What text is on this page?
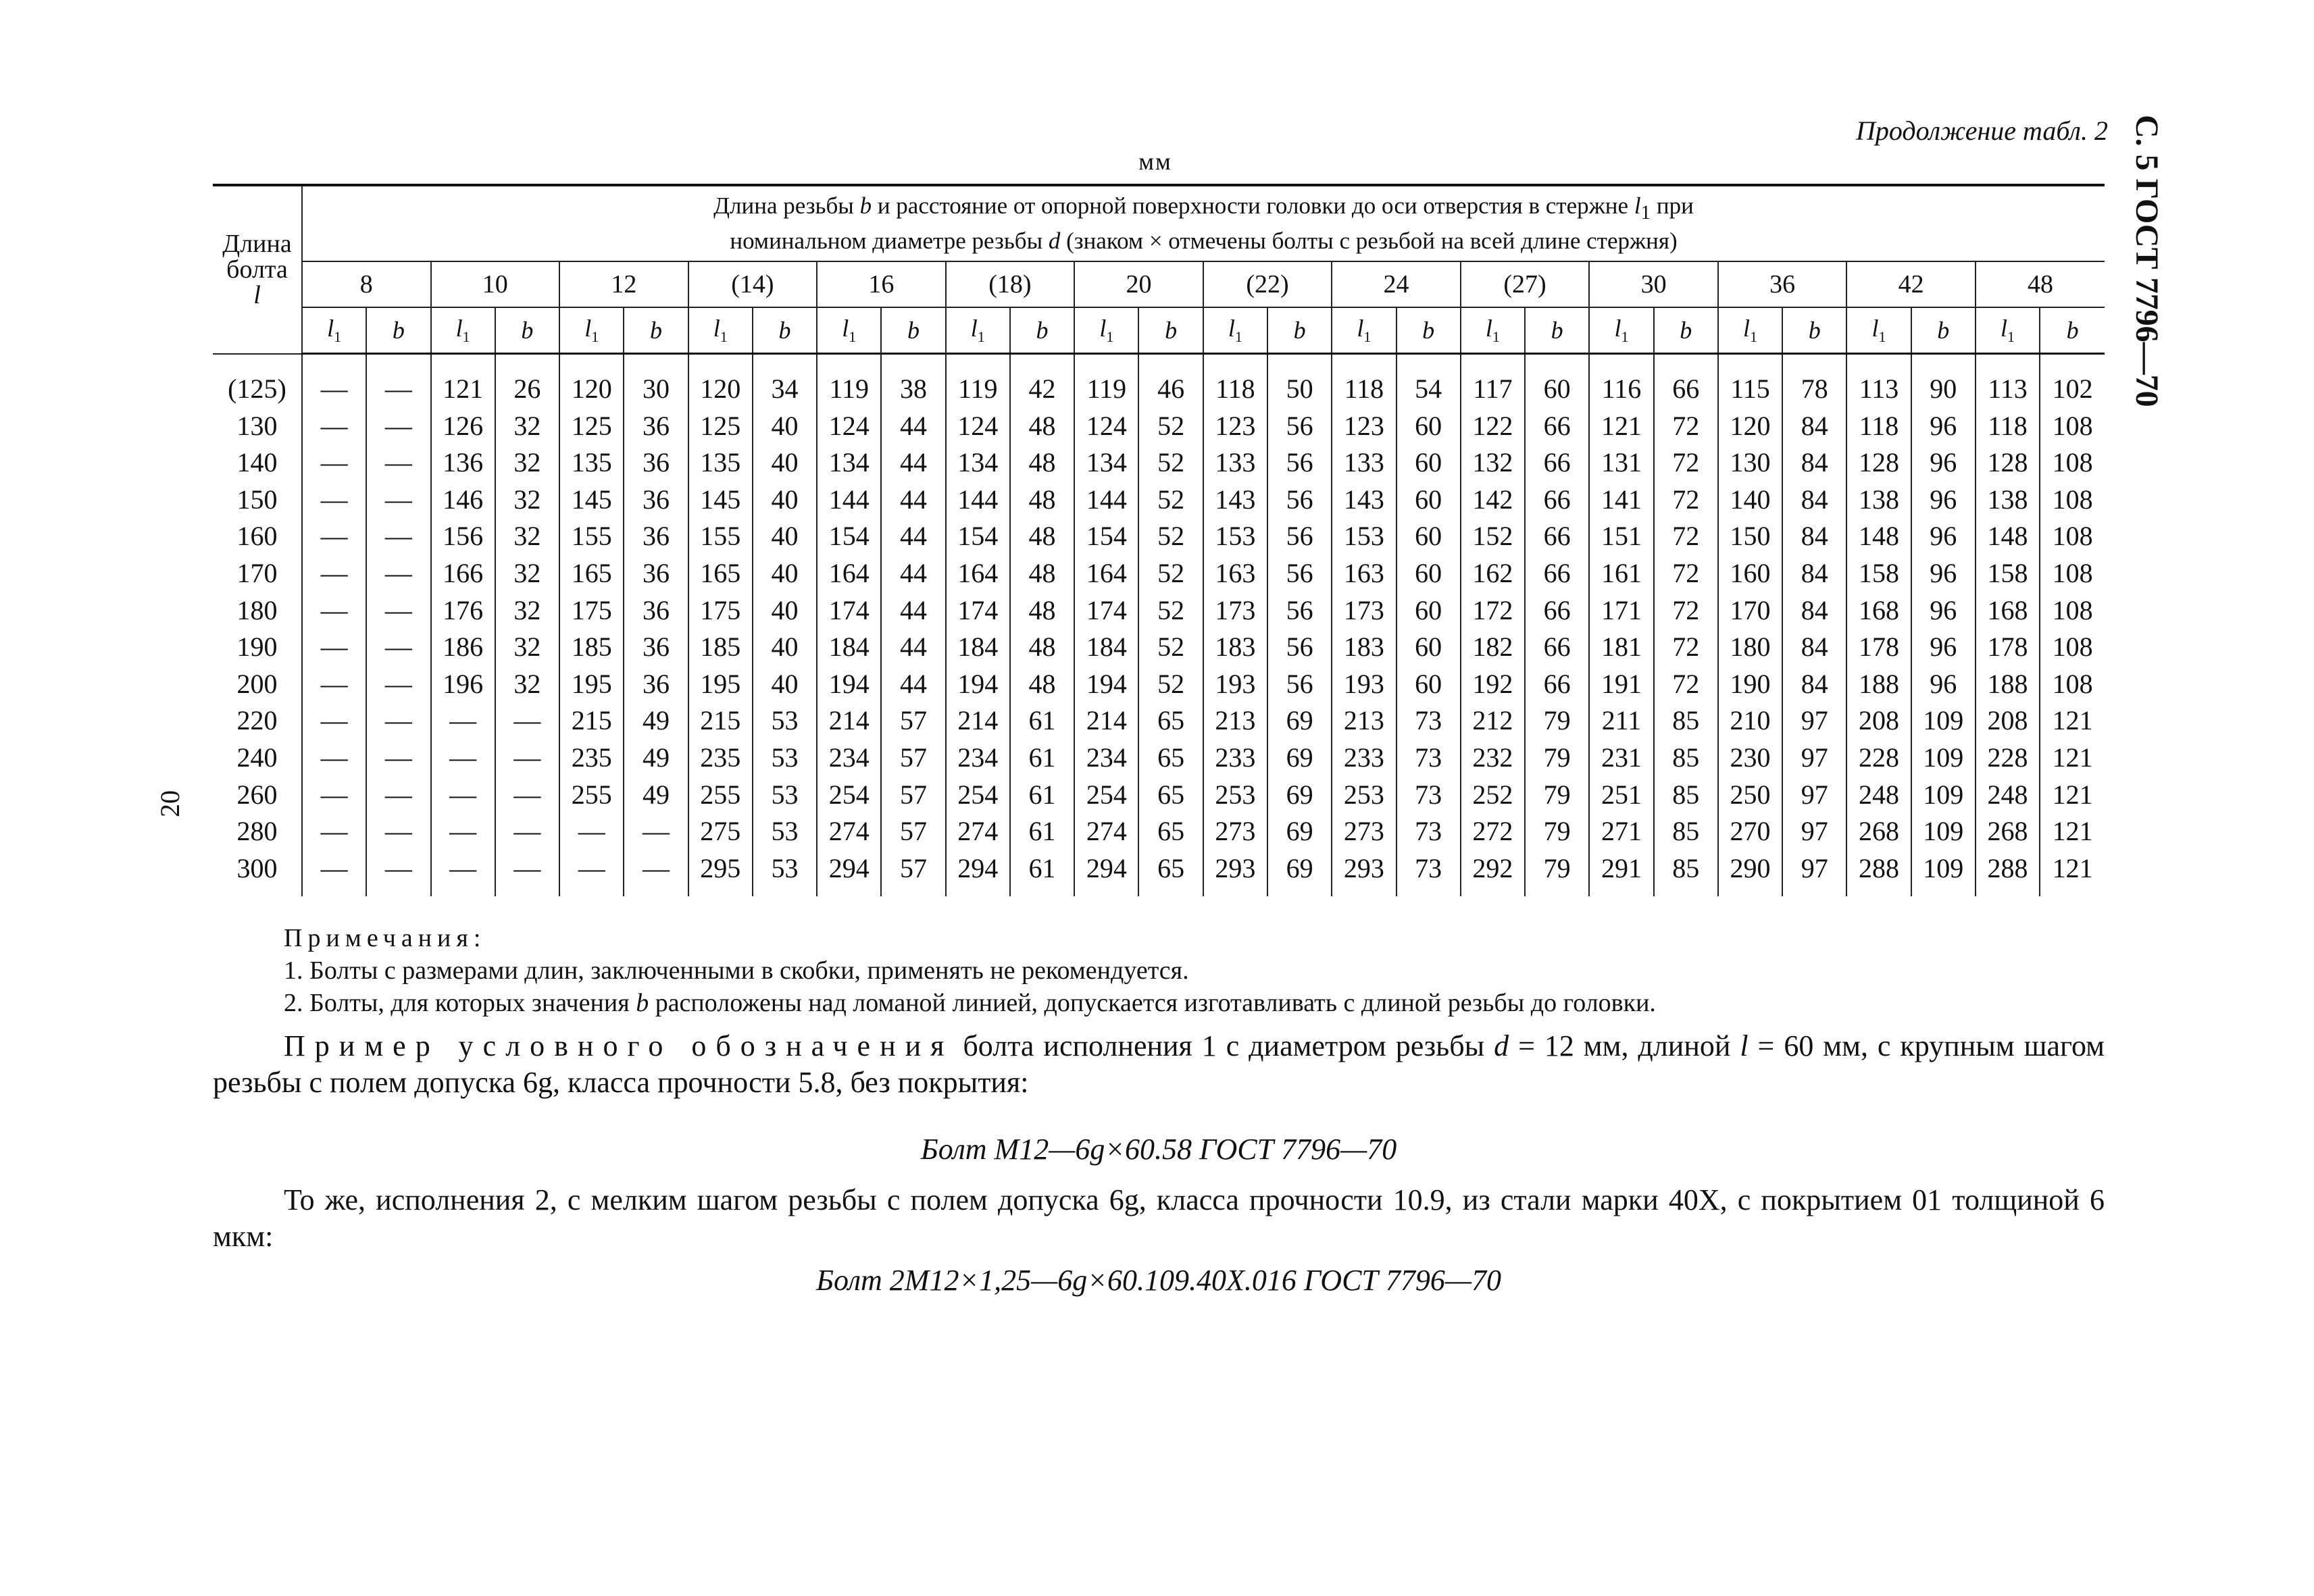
Продолжение табл. 2
мм	С. 5 ГОСТ 7796—70
20
Длина
болта
l	Длина резьбы b и расстояние от опорной поверхности головки до оси отверстия в стержне $l_1$ при
номинальном диаметре резьбы d (знаком × отмечены болты с резьбой на всей длине стержня)																											
	8		10		12		(14)		16		(18)		20		(22)		24		(27)		30		36		42		48	
	$l_1$	b	$l_1$	b	$l_1$	b	$l_1$	b	$l_1$	b	$l_1$	b	$l_1$	b	$l_1$	b	$l_1$	b	$l_1$	b	$l_1$	b	$l_1$	b	$l_1$	b	$l_1$	b
(125)	—	—	121	26	120	30	120	34	119	38	119	42	119	46	118	50	118	54	117	60	116	66	115	78	113	90	113	102
130	—	—	126	32	125	36	125	40	124	44	124	48	124	52	123	56	123	60	122	66	121	72	120	84	118	96	118	108
140	—	—	136	32	135	36	135	40	134	44	134	48	134	52	133	56	133	60	132	66	131	72	130	84	128	96	128	108
150	—	—	146	32	145	36	145	40	144	44	144	48	144	52	143	56	143	60	142	66	141	72	140	84	138	96	138	108
160	—	—	156	32	155	36	155	40	154	44	154	48	154	52	153	56	153	60	152	66	151	72	150	84	148	96	148	108
170	—	—	166	32	165	36	165	40	164	44	164	48	164	52	163	56	163	60	162	66	161	72	160	84	158	96	158	108
180	—	—	176	32	175	36	175	40	174	44	174	48	174	52	173	56	173	60	172	66	171	72	170	84	168	96	168	108
190	—	—	186	32	185	36	185	40	184	44	184	48	184	52	183	56	183	60	182	66	181	72	180	84	178	96	178	108
200	—	—	196	32	195	36	195	40	194	44	194	48	194	52	193	56	193	60	192	66	191	72	190	84	188	96	188	108
220	—	—	—	—	215	49	215	53	214	57	214	61	214	65	213	69	213	73	212	79	211	85	210	97	208	109	208	121
240	—	—	—	—	235	49	235	53	234	57	234	61	234	65	233	69	233	73	232	79	231	85	230	97	228	109	228	121
260	—	—	—	—	255	49	255	53	254	57	254	61	254	65	253	69	253	73	252	79	251	85	250	97	248	109	248	121
280	—	—	—	—	—	—	275	53	274	57	274	61	274	65	273	69	273	73	272	79	271	85	270	97	268	109	268	121
300	—	—	—	—	—	—	295	53	294	57	294	61	294	65	293	69	293	73	292	79	291	85	290	97	288	109	288	121
Примечания:
1. Болты с размерами длин, заключенными в скобки, применять не рекомендуется.
2. Болты, для которых значения b расположены над ломаной линией, допускается изготавливать с длиной резьбы до головки.
Пример условного обозначения болта исполнения 1 с диаметром резьбы d = 12 мм, длиной l = 60 мм, с крупным шагом резьбы с полем допуска 6g, класса прочности 5.8, без покрытия:
Болт М12—6g×60.58 ГОСТ 7796—70
То же, исполнения 2, с мелким шагом резьбы с полем допуска 6g, класса прочности 10.9, из стали марки 40Х, с покрытием 01 толщиной 6 мкм:
Болт 2М12×1,25—6g×60.109.40Х.016 ГОСТ 7796—70
